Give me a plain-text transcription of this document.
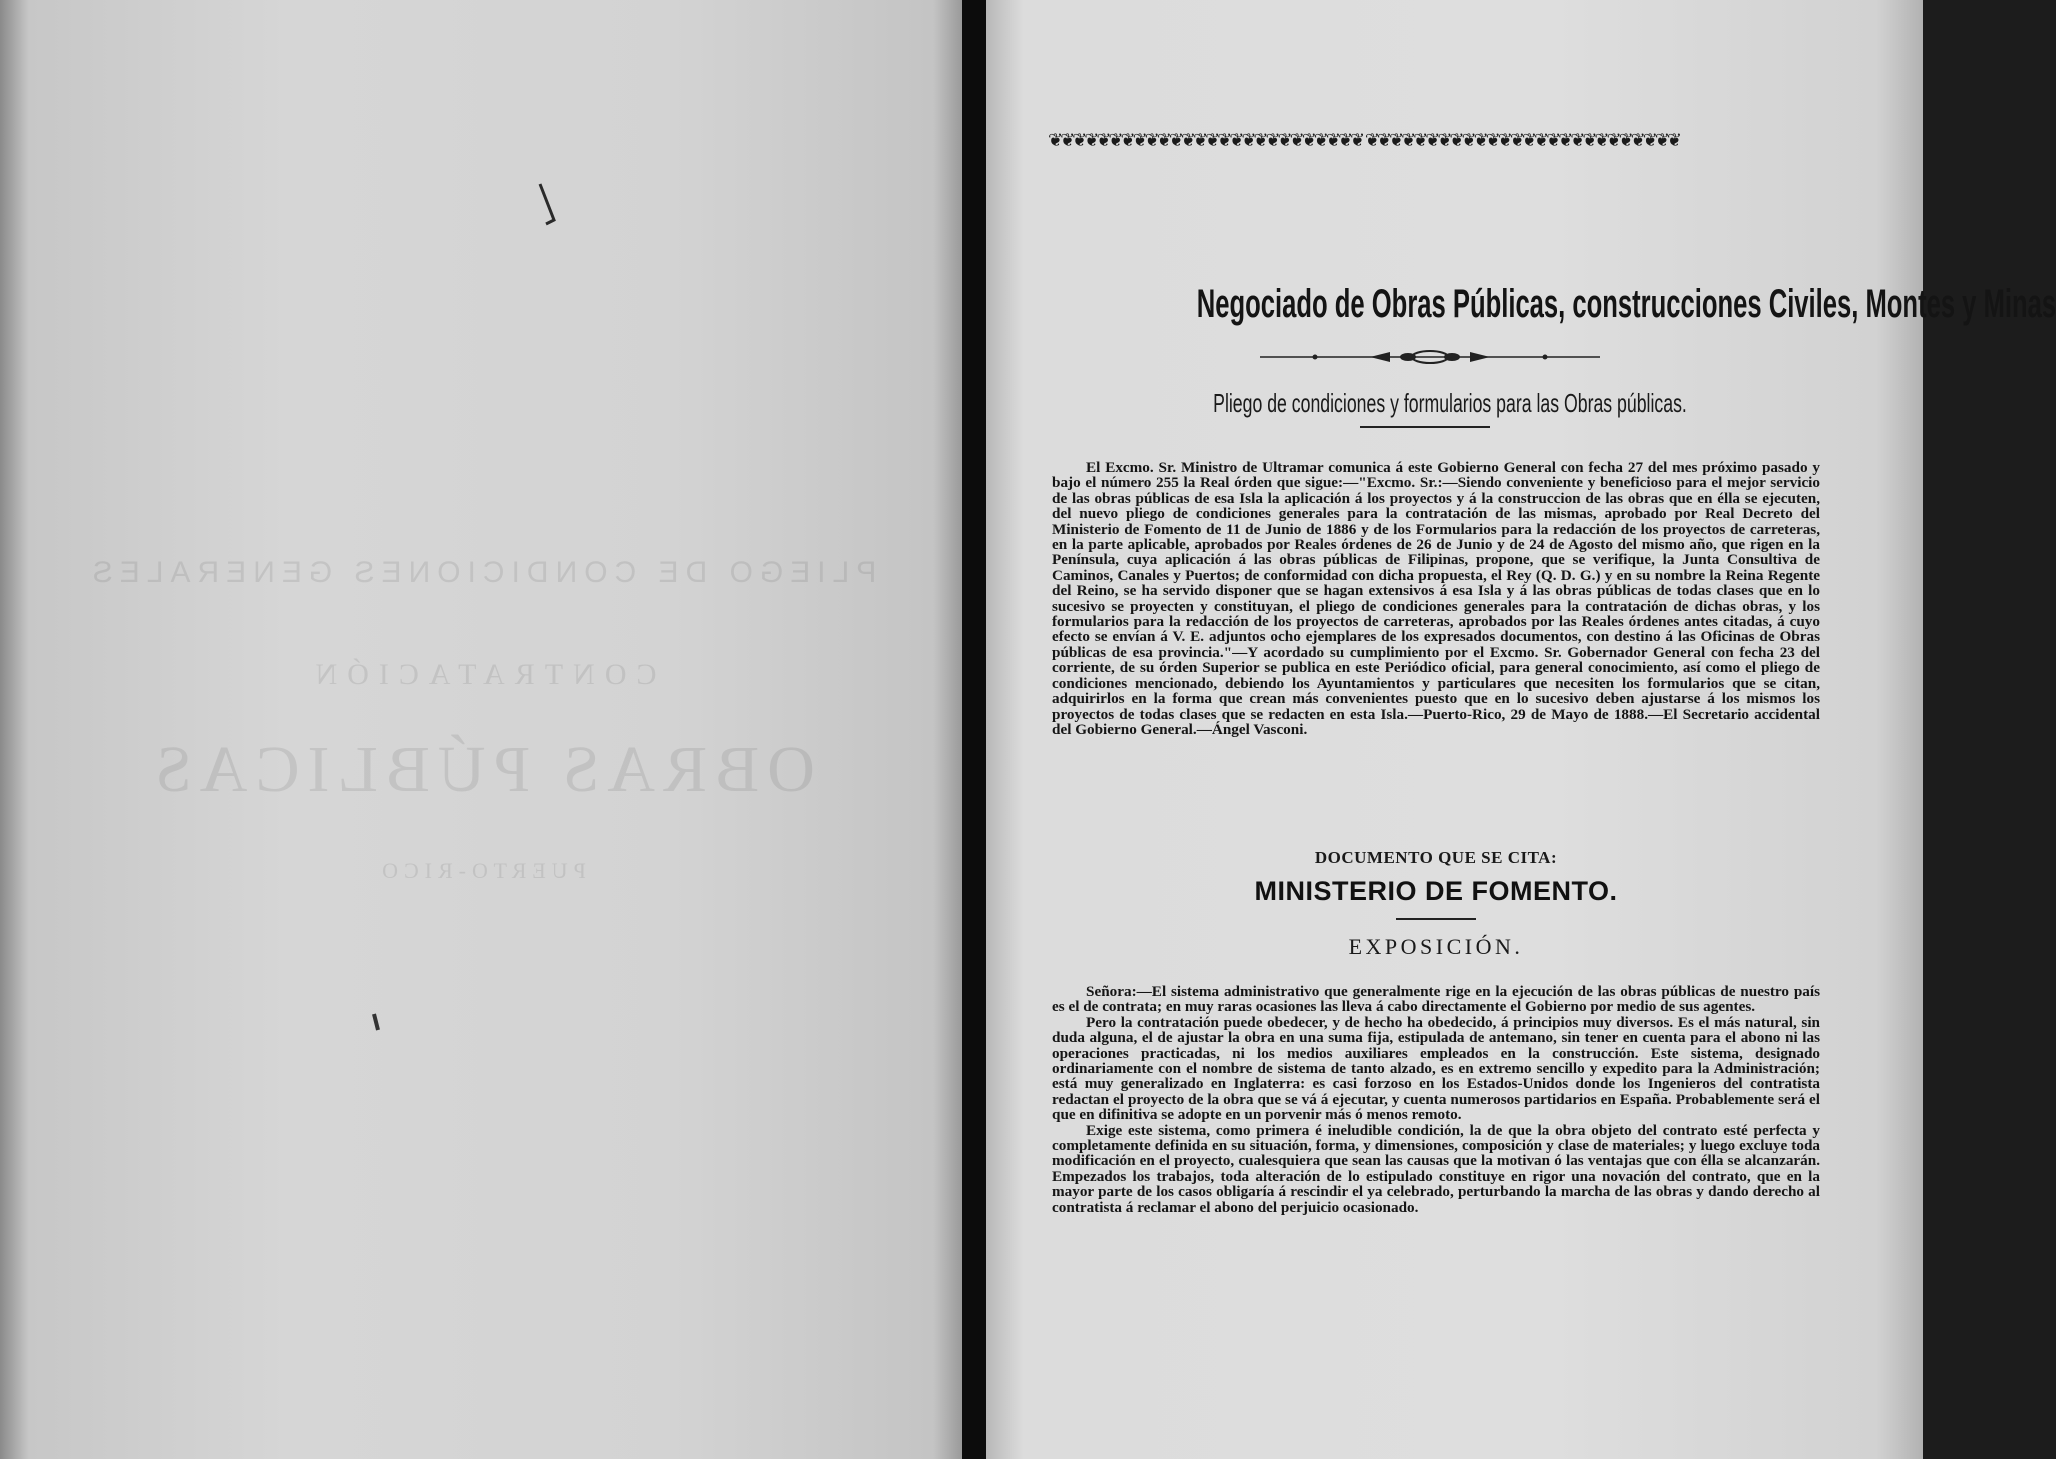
PLIEGO DE CONDICIONES GENERALES
CONTRATACIÓN
OBRAS PÚBLICAS
PUERTO-RICO
❦❦❦❦❦❦❦❦❦❦❦❦❦❦❦❦❦❦❦❦❦❦❦❦❦❦ ❦❦❦❦❦❦❦❦❦❦❦❦❦❦❦❦❦❦❦❦❦❦❦❦❦❦
Negociado de Obras Públicas, construcciones Civiles, Montes y Minas
Pliego de condiciones y formularios para las Obras públicas.

El Excmo. Sr. Ministro de Ultramar comunica á este Gobierno General con fecha 27 del mes próximo pasado y bajo el número 255 la Real órden que sigue:—"Excmo. Sr.:—Siendo conveniente y beneficioso para el mejor servicio de las obras públicas de esa Isla la aplicación á los proyectos y á la construccion de las obras que en élla se ejecuten, del nuevo pliego de condiciones generales para la contratación de las mismas, aprobado por Real Decreto del Ministerio de Fomento de 11 de Junio de 1886 y de los Formularios para la redacción de los proyectos de carreteras, en la parte aplicable, aprobados por Reales órdenes de 26 de Junio y de 24 de Agosto del mismo año, que rigen en la Península, cuya aplicación á las obras públicas de Filipinas, propone, que se verifique, la Junta Consultiva de Caminos, Canales y Puertos; de conformidad con dicha propuesta, el Rey (Q. D. G.) y en su nombre la Reina Regente del Reino, se ha servido disponer que se hagan extensivos á esa Isla y á las obras públicas de todas clases que en lo sucesivo se proyecten y constituyan, el pliego de condiciones generales para la contratación de dichas obras, y los formularios para la redacción de los proyectos de carreteras, aprobados por las Reales órdenes antes citadas, á cuyo efecto se envían á V. E. adjuntos ocho ejemplares de los expresados documentos, con destino á las Oficinas de Obras públicas de esa provincia."—Y acordado su cumplimiento por el Excmo. Sr. Gobernador General con fecha 23 del corriente, de su órden Superior se publica en este Periódico oficial, para general conocimiento, así como el pliego de condiciones mencionado, debiendo los Ayuntamientos y particulares que necesiten los formularios que se citan, adquirirlos en la forma que crean más convenientes puesto que en lo sucesivo deben ajustarse á los mismos los proyectos de todas clases que se redacten en esta Isla.—Puerto-Rico, 29 de Mayo de 1888.—El Secretario accidental del Gobierno General.—Ángel Vasconi.

DOCUMENTO QUE SE CITA:
MINISTERIO DE FOMENTO.
EXPOSICIÓN.

Señora:—El sistema administrativo que generalmente rige en la ejecución de las obras públicas de nuestro país es el de contrata; en muy raras ocasiones las lleva á cabo directamente el Gobierno por medio de sus agentes.

Pero la contratación puede obedecer, y de hecho ha obedecido, á principios muy diversos. Es el más natural, sin duda alguna, el de ajustar la obra en una suma fija, estipulada de antemano, sin tener en cuenta para el abono ni las operaciones practicadas, ni los medios auxiliares empleados en la construcción. Este sistema, designado ordinariamente con el nombre de sistema de tanto alzado, es en extremo sencillo y expedito para la Administración; está muy generalizado en Inglaterra: es casi forzoso en los Estados-Unidos donde los Ingenieros del contratista redactan el proyecto de la obra que se vá á ejecutar, y cuenta numerosos partidarios en España. Probablemente será el que en difinitiva se adopte en un porvenir más ó menos remoto.

Exige este sistema, como primera é ineludible condición, la de que la obra objeto del contrato esté perfecta y completamente definida en su situación, forma, y dimensiones, composición y clase de materiales; y luego excluye toda modificación en el proyecto, cualesquiera que sean las causas que la motivan ó las ventajas que con élla se alcanzarán. Empezados los trabajos, toda alteración de lo estipulado constituye en rigor una novación del contrato, que en la mayor parte de los casos obligaría á rescindir el ya celebrado, perturbando la marcha de las obras y dando derecho al contratista á reclamar el abono del perjuicio ocasionado.
